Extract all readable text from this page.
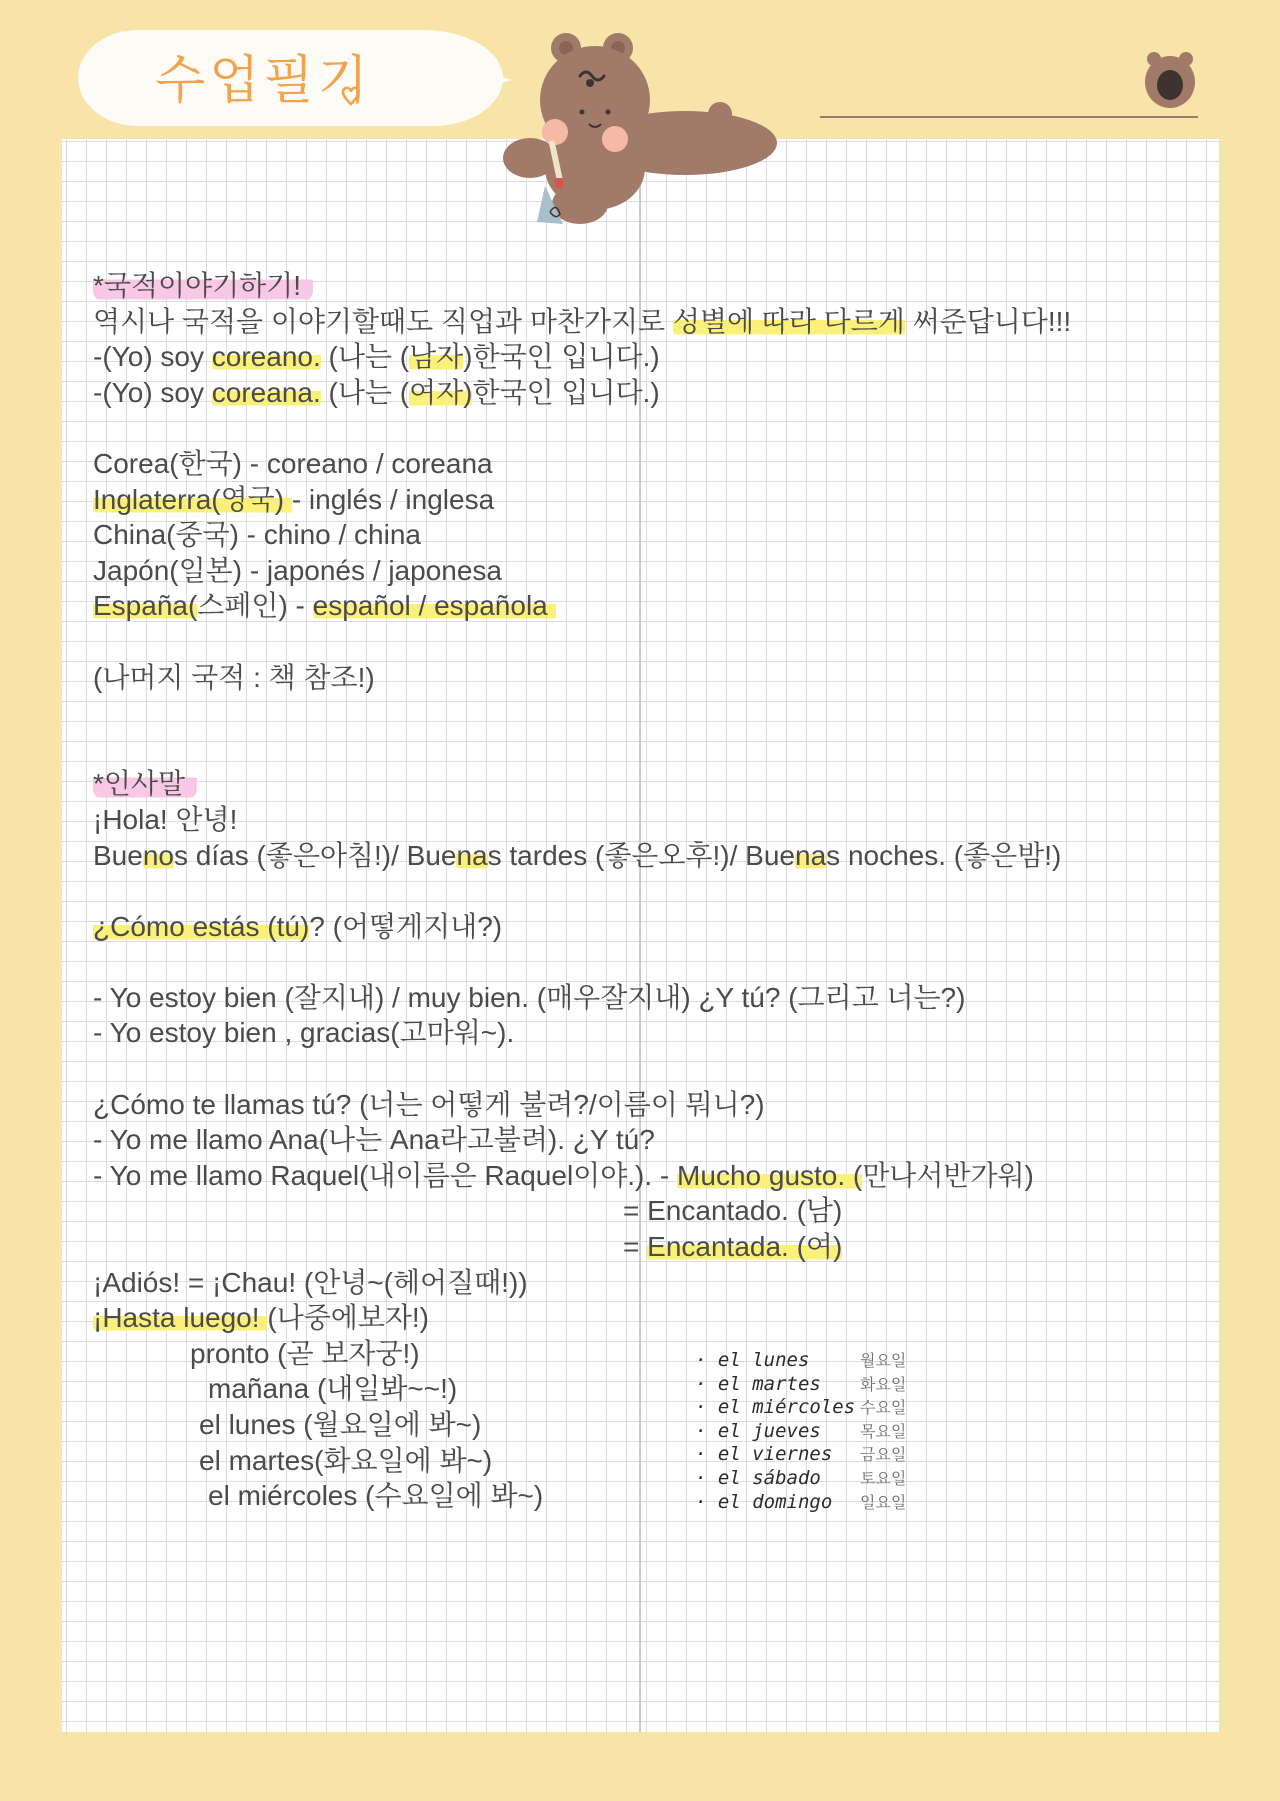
수업필기
*국적이야기하기!
역시나 국적을 이야기할때도 직업과 마찬가지로 성별에 따라 다르게 써준답니다!!!
-(Yo) soy coreano. (나는 (남자)한국인 입니다.)
-(Yo) soy coreana. (나는 (여자)한국인 입니다.)
Corea(한국) - coreano / coreana
Inglaterra(영국) - inglés / inglesa
China(중국) - chino / china
Japón(일본) - japonés / japonesa
España(스페인) - español / española
(나머지 국적 : 책 참조!)
*인사말
¡Hola! 안녕!
Buenos días (좋은아침!)/ Buenas tardes (좋은오후!)/ Buenas noches. (좋은밤!)
¿Cómo estás (tú)? (어떻게지내?)
- Yo estoy bien (잘지내) / muy bien. (매우잘지내) ¿Y tú? (그리고 너는?)
- Yo estoy bien , gracias(고마워~).
¿Cómo te llamas tú? (너는 어떻게 불려?/이름이 뭐니?)
- Yo me llamo Ana(나는 Ana라고불려). ¿Y tú?
- Yo me llamo Raquel(내이름은 Raquel이야.). - Mucho gusto. (만나서반가워)
= Encantado. (남)
= Encantada. (여)
¡Adiós! = ¡Chau! (안녕~(헤어질때!))
¡Hasta luego! (나중에보자!)
pronto (곧 보자궁!)
mañana (내일봐~~!)
el lunes (월요일에 봐~)
el martes(화요일에 봐~)
el miércoles (수요일에 봐~)
· el lunes	월요일
· el martes	화요일
· el miércoles 수요일
· el jueves	목요일
· el viernes	금요일
· el sábado	토요일
· el domingo	일요일
